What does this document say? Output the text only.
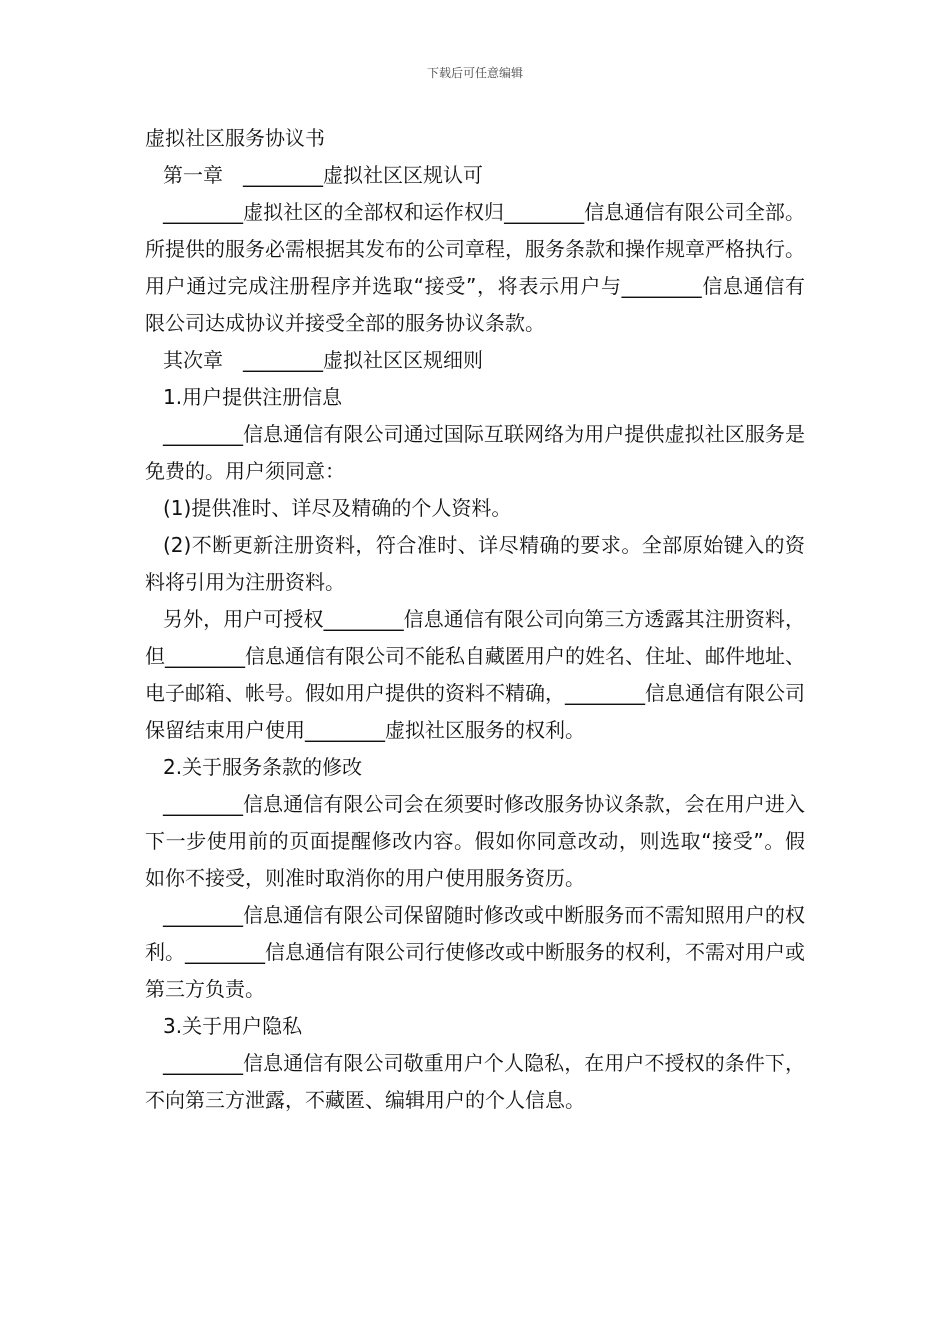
下载后可任意编辑

虚拟社区服务协议书

第一章　________虚拟社区区规认可

________虚拟社区的全部权和运作权归________信息通信有限公司全部。所提供的服务必需根据其发布的公司章程，服务条款和操作规章严格执行。用户通过完成注册程序并选取“接受”，将表示用户与________信息通信有限公司达成协议并接受全部的服务协议条款。

其次章　________虚拟社区区规细则

1.用户提供注册信息

________信息通信有限公司通过国际互联网络为用户提供虚拟社区服务是免费的。用户须同意：

(1)提供准时、详尽及精确的个人资料。

(2)不断更新注册资料，符合准时、详尽精确的要求。全部原始键入的资料将引用为注册资料。

另外，用户可授权________信息通信有限公司向第三方透露其注册资料，但________信息通信有限公司不能私自藏匿用户的姓名、住址、邮件地址、电子邮箱、帐号。假如用户提供的资料不精确，________信息通信有限公司保留结束用户使用________虚拟社区服务的权利。

2.关于服务条款的修改

________信息通信有限公司会在须要时修改服务协议条款，会在用户进入下一步使用前的页面提醒修改内容。假如你同意改动，则选取“接受”。假如你不接受，则准时取消你的用户使用服务资历。

________信息通信有限公司保留随时修改或中断服务而不需知照用户的权利。________信息通信有限公司行使修改或中断服务的权利，不需对用户或第三方负责。

3.关于用户隐私

________信息通信有限公司敬重用户个人隐私，在用户不授权的条件下，不向第三方泄露，不藏匿、编辑用户的个人信息。
